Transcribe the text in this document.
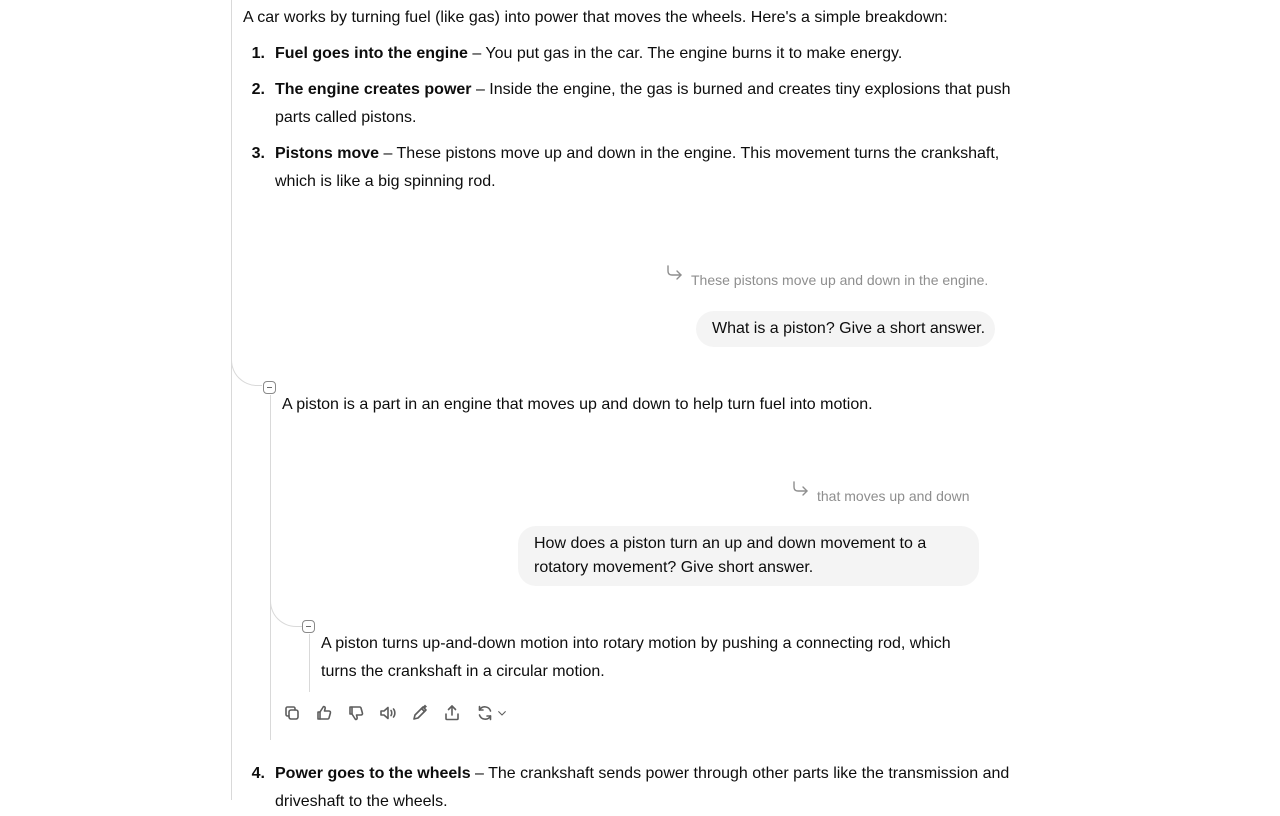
A car works by turning fuel (like gas) into power that moves the wheels. Here's a simple breakdown:
1. Fuel goes into the engine – You put gas in the car. The engine burns it to make energy.
2. The engine creates power – Inside the engine, the gas is burned and creates tiny explosions that push
parts called pistons.
3. Pistons move – These pistons move up and down in the engine. This movement turns the crankshaft,
which is like a big spinning rod.
These pistons move up and down in the engine.
What is a piston? Give a short answer.
A piston is a part in an engine that moves up and down to help turn fuel into motion.
that moves up and down
How does a piston turn an up and down movement to a
rotatory movement? Give short answer.
A piston turns up-and-down motion into rotary motion by pushing a connecting rod, which
turns the crankshaft in a circular motion.
4. Power goes to the wheels – The crankshaft sends power through other parts like the transmission and
driveshaft to the wheels.
